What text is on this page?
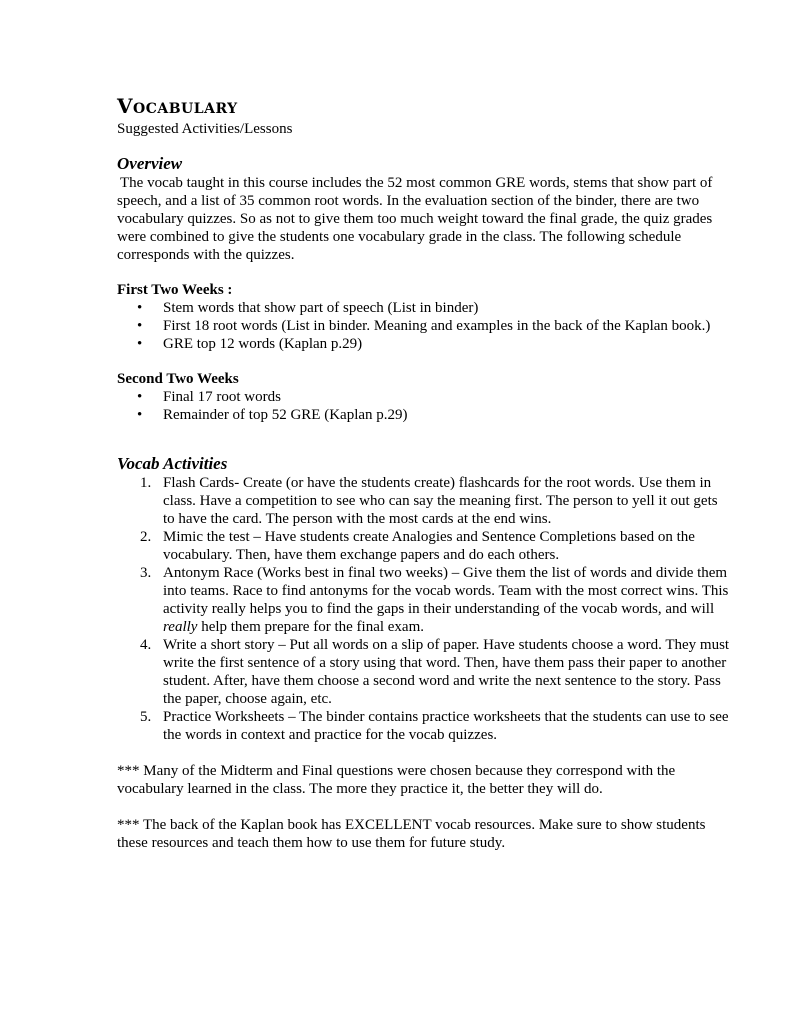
Vocabulary

Suggested Activities/Lessons

Overview

The vocab taught in this course includes the 52 most common GRE words, stems that show part of speech, and a list of 35 common root words. In the evaluation section of the binder, there are two vocabulary quizzes. So as not to give them too much weight toward the final grade, the quiz grades were combined to give the students one vocabulary grade in the class. The following schedule corresponds with the quizzes.

First Two Weeks :
• Stem words that show part of speech (List in binder)
• First 18 root words (List in binder. Meaning and examples in the back of the Kaplan book.)
• GRE top 12 words (Kaplan p.29)
Second Two Weeks
• Final 17 root words
• Remainder of top 52 GRE (Kaplan p.29)
Vocab Activities
1. Flash Cards- Create (or have the students create) flashcards for the root words. Use them in class. Have a competition to see who can say the meaning first. The person to yell it out gets to have the card. The person with the most cards at the end wins.
2. Mimic the test – Have students create Analogies and Sentence Completions based on the vocabulary. Then, have them exchange papers and do each others.
3. Antonym Race (Works best in final two weeks) – Give them the list of words and divide them into teams. Race to find antonyms for the vocab words. Team with the most correct wins. This activity really helps you to find the gaps in their understanding of the vocab words, and will really help them prepare for the final exam.
4. Write a short story – Put all words on a slip of paper. Have students choose a word. They must write the first sentence of a story using that word. Then, have them pass their paper to another student. After, have them choose a second word and write the next sentence to the story. Pass the paper, choose again, etc.
5. Practice Worksheets – The binder contains practice worksheets that the students can use to see the words in context and practice for the vocab quizzes.

*** Many of the Midterm and Final questions were chosen because they correspond with the vocabulary learned in the class. The more they practice it, the better they will do.

*** The back of the Kaplan book has EXCELLENT vocab resources. Make sure to show students these resources and teach them how to use them for future study.
